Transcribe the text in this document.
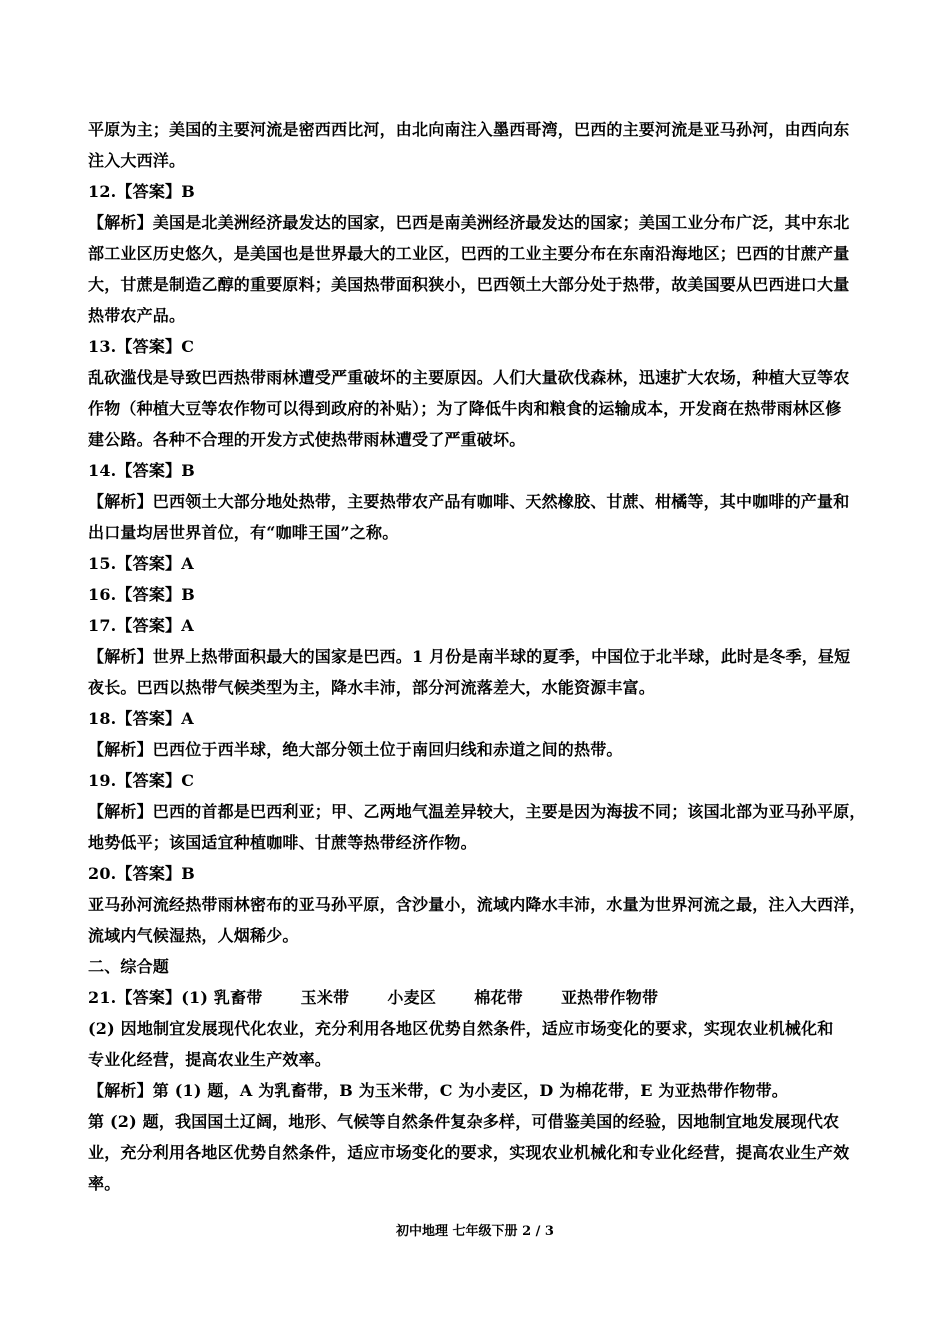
平原为主；美国的主要河流是密西西比河，由北向南注入墨西哥湾，巴西的主要河流是亚马孙河，由西向东
注入大西洋。
12.【答案】B
【解析】美国是北美洲经济最发达的国家，巴西是南美洲经济最发达的国家；美国工业分布广泛，其中东北
部工业区历史悠久，是美国也是世界最大的工业区，巴西的工业主要分布在东南沿海地区；巴西的甘蔗产量
大，甘蔗是制造乙醇的重要原料；美国热带面积狭小，巴西领土大部分处于热带，故美国要从巴西进口大量
热带农产品。
13.【答案】C
乱砍滥伐是导致巴西热带雨林遭受严重破坏的主要原因。人们大量砍伐森林，迅速扩大农场，种植大豆等农
作物（种植大豆等农作物可以得到政府的补贴）；为了降低牛肉和粮食的运输成本，开发商在热带雨林区修
建公路。各种不合理的开发方式使热带雨林遭受了严重破坏。
14.【答案】B
【解析】巴西领土大部分地处热带，主要热带农产品有咖啡、天然橡胶、甘蔗、柑橘等，其中咖啡的产量和
出口量均居世界首位，有“咖啡王国”之称。
15.【答案】A
16.【答案】B
17.【答案】A
【解析】世界上热带面积最大的国家是巴西。1 月份是南半球的夏季，中国位于北半球，此时是冬季，昼短
夜长。巴西以热带气候类型为主，降水丰沛，部分河流落差大，水能资源丰富。
18.【答案】A
【解析】巴西位于西半球，绝大部分领土位于南回归线和赤道之间的热带。
19.【答案】C
【解析】巴西的首都是巴西利亚；甲、乙两地气温差异较大，主要是因为海拔不同；该国北部为亚马孙平原，
地势低平；该国适宜种植咖啡、甘蔗等热带经济作物。
20.【答案】B
亚马孙河流经热带雨林密布的亚马孙平原，含沙量小，流域内降水丰沛，水量为世界河流之最，注入大西洋，
流域内气候湿热，人烟稀少。
二、综合题
21.【答案】(1) 乳畜带　　 玉米带　　 小麦区　　 棉花带　　 亚热带作物带
(2) 因地制宜发展现代化农业，充分利用各地区优势自然条件，适应市场变化的要求，实现农业机械化和
专业化经营，提高农业生产效率。
【解析】第 (1) 题，A 为乳畜带，B 为玉米带，C 为小麦区，D 为棉花带，E 为亚热带作物带。
第 (2) 题，我国国土辽阔，地形、气候等自然条件复杂多样，可借鉴美国的经验，因地制宜地发展现代农
业，充分利用各地区优势自然条件，适应市场变化的要求，实现农业机械化和专业化经营，提高农业生产效
率。
初中地理 七年级下册 2 / 3
